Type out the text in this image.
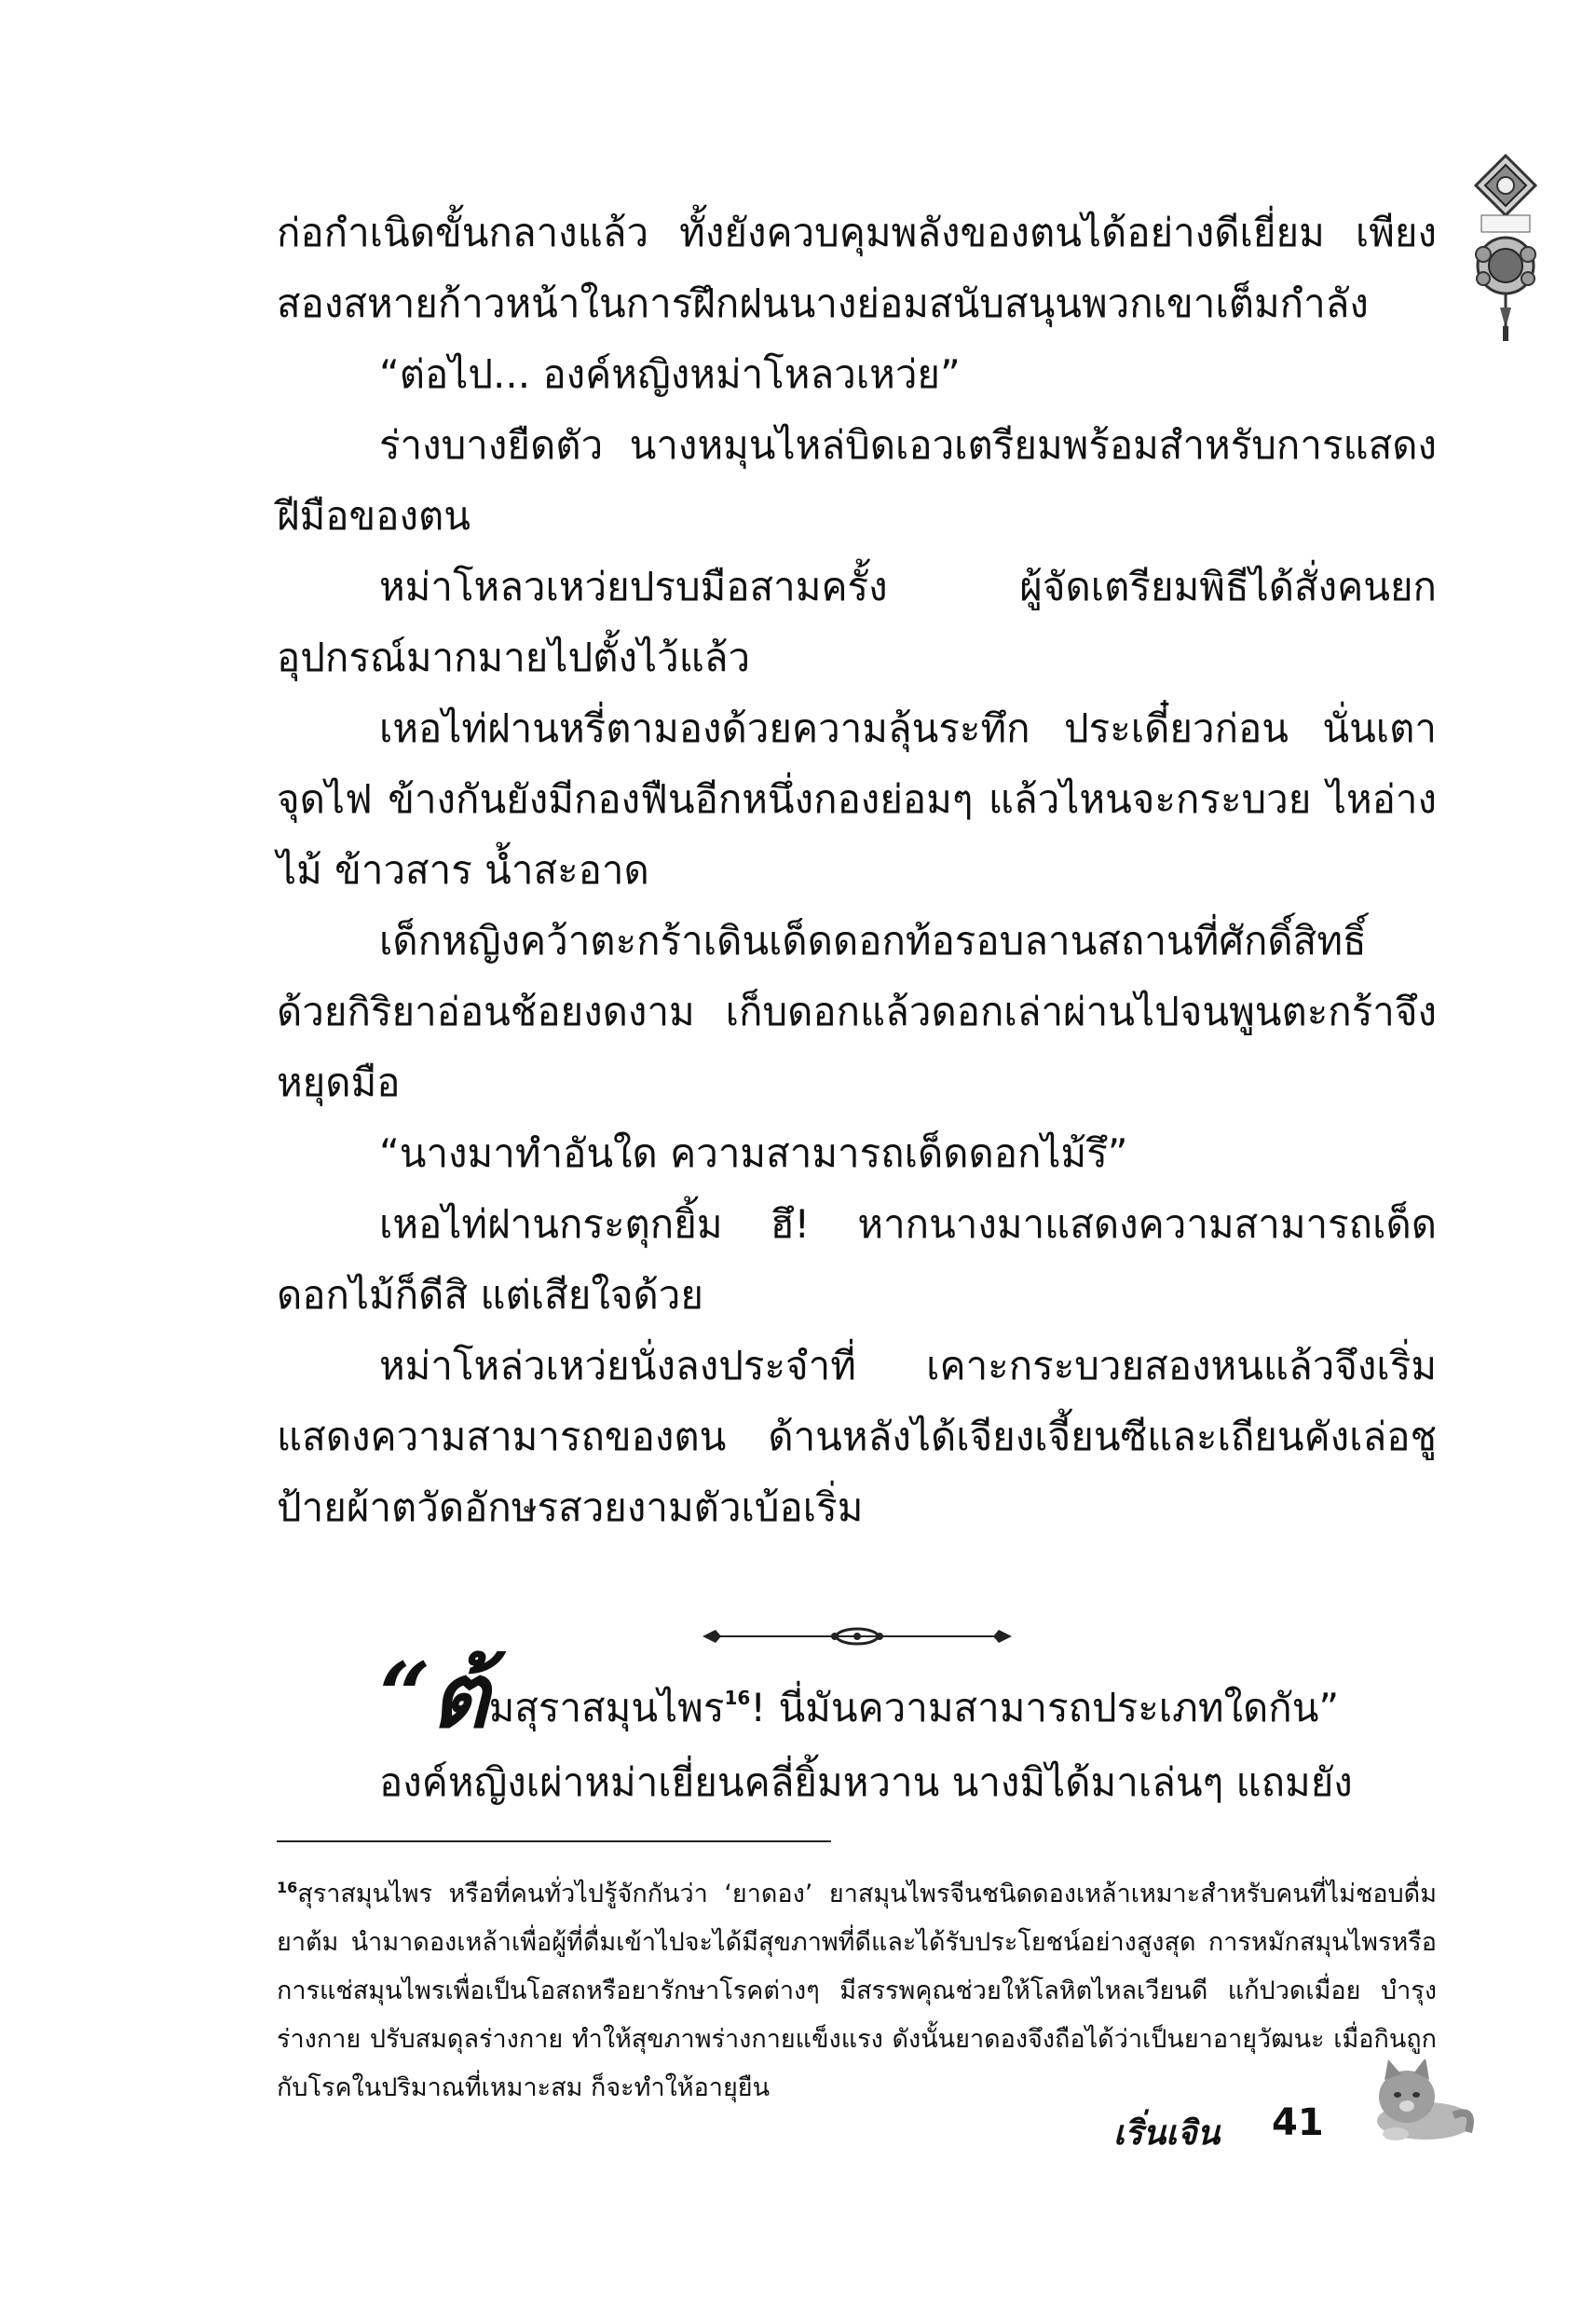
ก่อกำเนิดขั้นกลางแล้ว ทั้งยังควบคุมพลังของตนได้อย่างดีเยี่ยม เพียงสองสหายก้าวหน้าในการฝึกฝนนางย่อมสนับสนุนพวกเขาเต็มกำลัง

“ต่อไป... องค์หญิงหม่าโหลวเหว่ย”

ร่างบางยืดตัว นางหมุนไหล่บิดเอวเตรียมพร้อมสำหรับการแสดงฝีมือของตน

หม่าโหลวเหว่ยปรบมือสามครั้ง ผู้จัดเตรียมพิธีได้สั่งคนยกอุปกรณ์มากมายไปตั้งไว้แล้ว

เหอไท่ฝานหรี่ตามองด้วยความลุ้นระทึก ประเดี๋ยวก่อน นั่นเตาจุดไฟ ข้างกันยังมีกองฟืนอีกหนึ่งกองย่อมๆ แล้วไหนจะกระบวย ไหอ่างไม้ ข้าวสาร น้ำสะอาด

เด็กหญิงคว้าตะกร้าเดินเด็ดดอกท้อรอบลานสถานที่ศักดิ์สิทธิ์ด้วยกิริยาอ่อนช้อยงดงาม เก็บดอกแล้วดอกเล่าผ่านไปจนพูนตะกร้าจึงหยุดมือ

“นางมาทำอันใด ความสามารถเด็ดดอกไม้รึ”

เหอไท่ฝานกระตุกยิ้ม ฮึ! หากนางมาแสดงความสามารถเด็ดดอกไม้ก็ดีสิ แต่เสียใจด้วย

หม่าโหล่วเหว่ยนั่งลงประจำที่ เคาะกระบวยสองหนแล้วจึงเริ่มแสดงความสามารถของตน ด้านหลังได้เจียงเจี้ยนซีและเถียนคังเล่อชูป้ายผ้าตวัดอักษรสวยงามตัวเบ้อเริ่ม

“ต้มสุราสมุนไพร$^{16}$! นี่มันความสามารถประเภทใดกัน”

องค์หญิงเผ่าหม่าเยี่ยนคลี่ยิ้มหวาน นางมิได้มาเล่นๆ แถมยัง

$^{16}$สุราสมุนไพร หรือที่คนทั่วไปรู้จักกันว่า ‘ยาดอง’ ยาสมุนไพรจีนชนิดดองเหล้าเหมาะสำหรับคนที่ไม่ชอบดื่มยาต้ม นำมาดองเหล้าเพื่อผู้ที่ดื่มเข้าไปจะได้มีสุขภาพที่ดีและได้รับประโยชน์อย่างสูงสุด การหมักสมุนไพรหรือการแช่สมุนไพรเพื่อเป็นโอสถหรือยารักษาโรคต่างๆ มีสรรพคุณช่วยให้โลหิตไหลเวียนดี แก้ปวดเมื่อย บำรุงร่างกาย ปรับสมดุลร่างกาย ทำให้สุขภาพร่างกายแข็งแรง ดังนั้นยาดองจึงถือได้ว่าเป็นยาอายุวัฒนะ เมื่อกินถูกกับโรคในปริมาณที่เหมาะสม ก็จะทำให้อายุยืน
เริ่นเจิน 41
